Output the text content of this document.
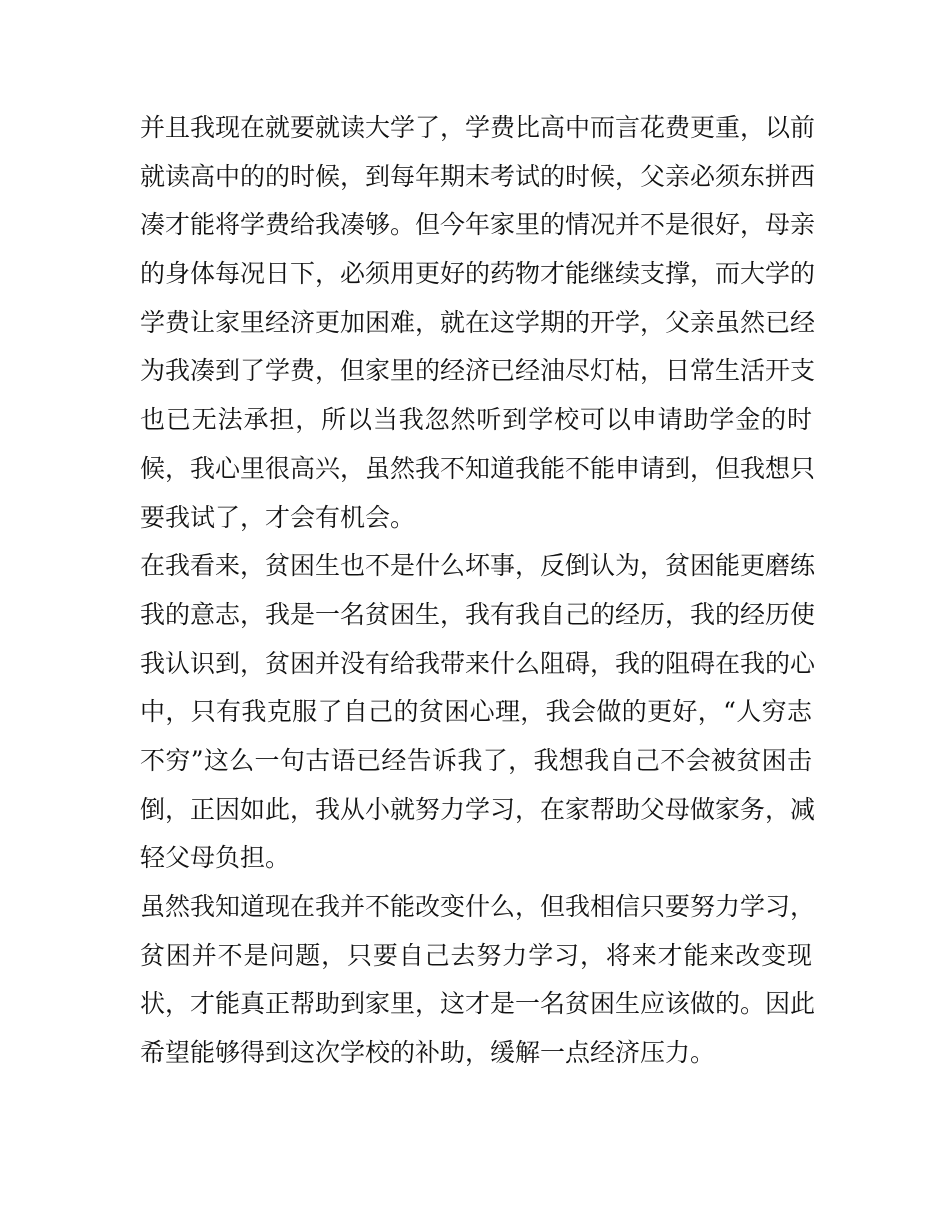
并且我现在就要就读大学了，学费比高中而言花费更重，以前
就读高中的的时候，到每年期末考试的时候，父亲必须东拼西
凑才能将学费给我凑够。但今年家里的情况并不是很好，母亲
的身体每况日下，必须用更好的药物才能继续支撑，而大学的
学费让家里经济更加困难，就在这学期的开学，父亲虽然已经
为我凑到了学费，但家里的经济已经油尽灯枯，日常生活开支
也已无法承担，所以当我忽然听到学校可以申请助学金的时
候，我心里很高兴，虽然我不知道我能不能申请到，但我想只
要我试了，才会有机会。
在我看来，贫困生也不是什么坏事，反倒认为，贫困能更磨练
我的意志，我是一名贫困生，我有我自己的经历，我的经历使
我认识到，贫困并没有给我带来什么阻碍，我的阻碍在我的心
中，只有我克服了自己的贫困心理，我会做的更好，“人穷志
不穷”这么一句古语已经告诉我了，我想我自己不会被贫困击
倒，正因如此，我从小就努力学习，在家帮助父母做家务，减
轻父母负担。
虽然我知道现在我并不能改变什么，但我相信只要努力学习，
贫困并不是问题，只要自己去努力学习，将来才能来改变现
状，才能真正帮助到家里，这才是一名贫困生应该做的。因此
希望能够得到这次学校的补助，缓解一点经济压力。
